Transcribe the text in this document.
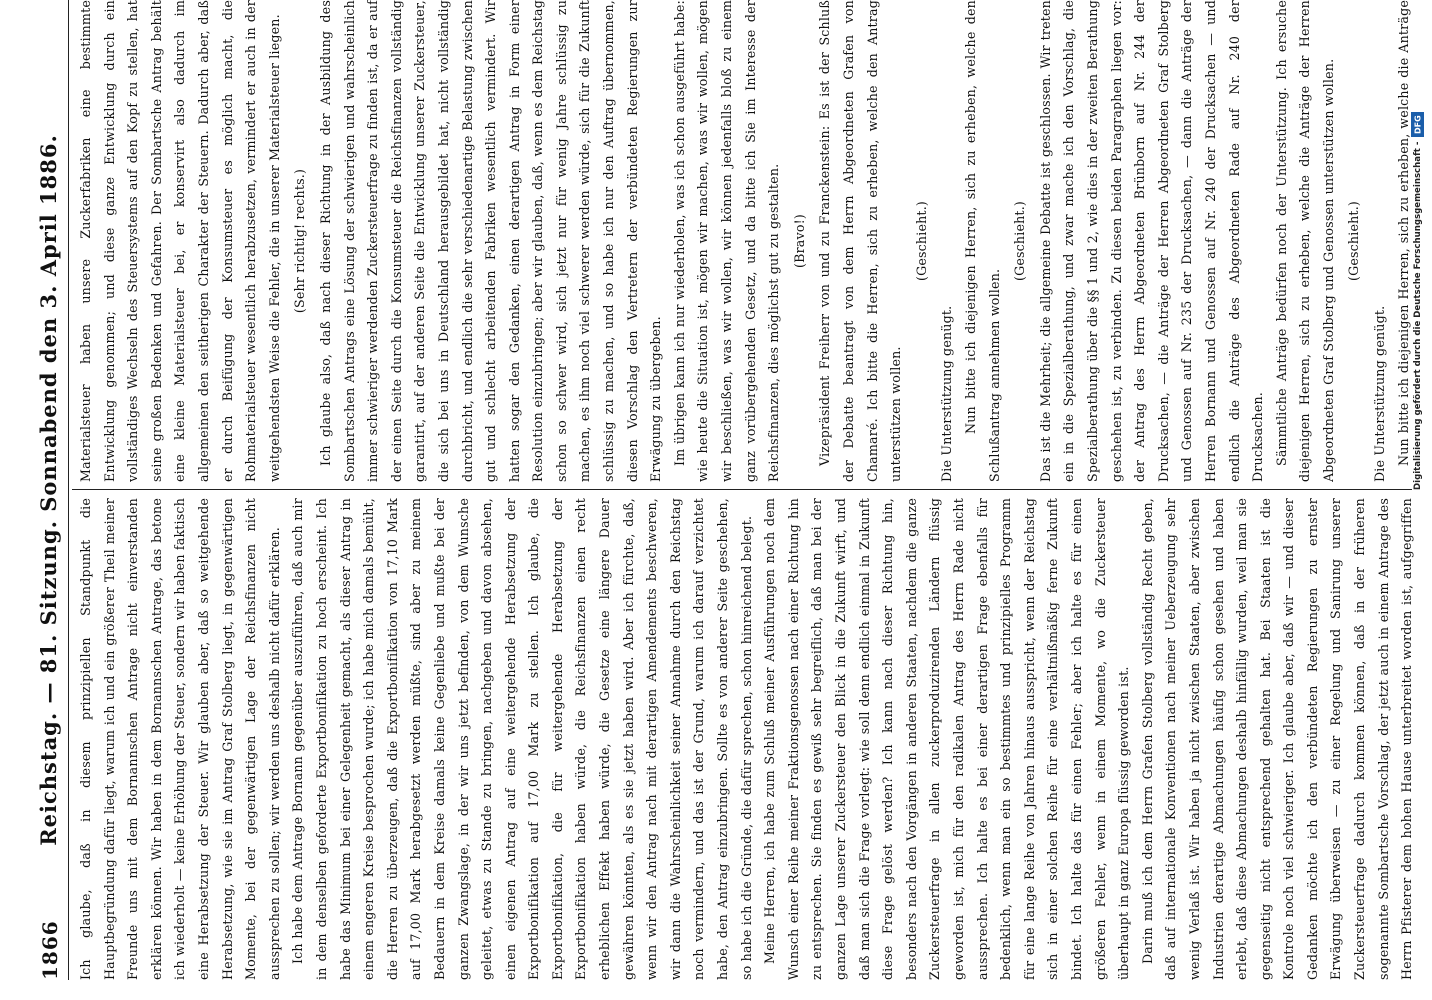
1866
Reichstag. — 81. Sitzung. Sonnabend den 3. April 1886.	Ich glaube, daß in diesem prinzipiellen Standpunkt die Hauptbegründung dafür liegt, warum ich und ein größerer Theil meiner Freunde uns mit dem Bornannschen Antrage nicht einverstanden erklären können. Wir haben in dem Bornannschen Antrage, das betone ich wiederholt — keine Erhöhung der Steuer, sondern wir haben faktisch eine Herabsetzung der Steuer. Wir glauben aber, daß so weitgehende Herabsetzung, wie sie im Antrag Graf Stolberg liegt, in gegenwärtigen Momente, bei der gegenwärtigen Lage der Reichsfinanzen nicht aussprechen zu sollen; wir werden uns deshalb nicht dafür erklären. Ich habe dem Antrage Bornann gegenüber auszuführen, daß auch mir in dem denselben geforderte Exportbonifikation zu hoch erscheint. Ich habe das Minimum bei einer Gelegenheit gemacht, als dieser Antrag in einem engeren Kreise besprochen wurde; ich habe mich damals bemüht, die Herren zu überzeugen, daß die Exportbonifikation von 17,10 Mark auf 17,00 Mark herabgesetzt werden müßte, sind aber zu meinem Bedauern in dem Kreise damals keine Gegenliebe und mußte bei der ganzen Zwangslage, in der wir uns jetzt befinden, von dem Wunsche geleitet, etwas zu Stande zu bringen, nachgeben und davon absehen, einen eigenen Antrag auf eine weitergehende Herabsetzung der Exportbonifikation auf 17,00 Mark zu stellen. Ich glaube, die Exportbonifikation, die für weitergehende Herabsetzung der Exportbonifikation haben würde, die Reichsfinanzen einen recht erheblichen Effekt haben würde, die Gesetze eine längere Dauer gewähren könnten, als es sie jetzt haben wird. Aber ich fürchte, daß, wenn wir den Antrag nach mit derartigen Amendements beschweren, wir dann die Wahrscheinlichkeit seiner Annahme durch den Reichstag noch vermindern, und das ist der Grund, warum ich darauf verzichtet habe, den Antrag einzubringen. Sollte es von anderer Seite geschehen, so habe ich die Gründe, die dafür sprechen, schon hinreichend belegt. Meine Herren, ich habe zum Schluß meiner Ausführungen noch dem Wunsch einer Reihe meiner Fraktionsgenossen nach einer Richtung hin zu entsprechen. Sie finden es gewiß sehr begreiflich, daß man bei der ganzen Lage unserer Zuckersteuer den Blick in die Zukunft wirft, und daß man sich die Frage vorlegt: wie soll denn endlich einmal in Zukunft diese Frage gelöst werden? Ich kann nach dieser Richtung hin, besonders nach den Vorgängen in anderen Staaten, nachdem die ganze Zuckersteuerfrage in allen zuckerproduzirenden Ländern flüssig geworden ist, mich für den radikalen Antrag des Herrn Rade nicht aussprechen. Ich halte es bei einer derartigen Frage ebenfalls für bedenklich, wenn man ein so bestimmtes und prinzipielles Programm für eine lange Reihe von Jahren hinaus ausspricht, wenn der Reichstag sich in einer solchen Reihe für eine verhältnißmäßig ferne Zukunft bindet. Ich halte das für einen Fehler; aber ich halte es für einen größeren Fehler, wenn in einem Momente, wo die Zuckersteuer überhaupt in ganz Europa flüssig geworden ist. Darin muß ich dem Herrn Grafen Stolberg vollständig Recht geben, daß auf internationale Konventionen nach meiner Ueberzeugung sehr wenig Verlaß ist. Wir haben ja nicht zwischen Staaten, aber zwischen Industrien derartige Abmachungen häufig schon gesehen und haben erlebt, daß diese Abmachungen deshalb hinfällig wurden, weil man sie gegenseitig nicht entsprechend gehalten hat. Bei Staaten ist die Kontrole noch viel schwieriger. Ich glaube aber, daß wir — und dieser Gedanken möchte ich den verbündeten Regierungen zu ernster Erwägung überweisen — zu einer Regelung und Sanirung unserer Zuckersteuerfrage dadurch kommen können, daß in der früheren sogenannte Sombartsche Vorschlag, der jetzt auch in einem Antrage des Herrn Pfisterer dem hohen Hause unterbreitet worden ist, aufgegriffen

Materialsteuer haben unsere Zuckerfabriken eine bestimmte Entwicklung genommen; und diese ganze Entwicklung durch ein vollständiges Wechseln des Steuersystems auf den Kopf zu stellen, hat seine großen Bedenken und Gefahren. Der Sombartsche Antrag behält eine kleine Materialsteuer bei, er konservirt also dadurch im allgemeinen den seitherigen Charakter der Steuern. Dadurch aber, daß er durch Beifügung der Konsumsteuer es möglich macht, die Rohmaterialsteuer wesentlich herabzusetzen, vermindert er auch in der weitgehendsten Weise die Fehler, die in unserer Materialsteuer liegen. (Sehr richtig! rechts.) Ich glaube also, daß nach dieser Richtung in der Ausbildung des Sombartschen Antrags eine Lösung der schwierigen und wahrscheinlich immer schwieriger werdenden Zuckersteuerfrage zu finden ist, da er auf der einen Seite durch die Konsumsteuer die Reichsfinanzen vollständig garantirt, auf der anderen Seite die Entwicklung unserer Zuckersteuer, die sich bei uns in Deutschland herausgebildet hat, nicht vollständig durchbricht, und endlich die sehr verschiedenartige Belastung zwischen gut und schlecht arbeitenden Fabriken wesentlich vermindert. Wir hatten sogar den Gedanken, einen derartigen Antrag in Form einer Resolution einzubringen; aber wir glauben, daß, wenn es dem Reichstag schon so schwer wird, sich jetzt nur für wenig Jahre schlüssig zu machen, es ihm noch viel schwerer werden würde, sich für die Zukunft schlüssig zu machen, und so habe ich nur den Auftrag übernommen, diesen Vorschlag den Vertretern der verbündeten Regierungen zur Erwägung zu übergeben. Im übrigen kann ich nur wiederholen, was ich schon ausgeführt habe: wie heute die Situation ist, mögen wir machen, was wir wollen, mögen wir beschließen, was wir wollen, wir können jedenfalls bloß zu einem ganz vorübergehenden Gesetz, und da bitte ich Sie im Interesse der Reichsfinanzen, dies möglichst gut zu gestalten. (Bravo!) Vizepräsident Freiherr von und zu Franckenstein: Es ist der Schluß der Debatte beantragt von dem Herrn Abgeordneten Grafen von Chamaré. Ich bitte die Herren, sich zu erheben, welche den Antrag unterstützen wollen.

(Geschieht.)

Die Unterstützung genügt. Nun bitte ich diejenigen Herren, sich zu erheben, welche den Schlußantrag annehmen wollen.

(Geschieht.) Das ist die Mehrheit; die allgemeine Debatte ist geschlossen. Wir treten ein in die Spezialberathung, und zwar mache ich den Vorschlag, die Spezialberathung über die §§ 1 und 2, wie dies in der zweiten Berathung geschehen ist, zu verbinden. Zu diesen beiden Paragraphen liegen vor: der Antrag des Herrn Abgeordneten Brünborn auf Nr. 244 der Drucksachen, — die Anträge der Herren Abgeordneten Graf Stolberg und Genossen auf Nr. 235 der Drucksachen, — dann die Anträge der Herren Bornann und Genossen auf Nr. 240 der Drucksachen — und endlich die Anträge des Abgeordneten Rade auf Nr. 240 der Drucksachen. Sämmtliche Anträge bedürfen noch der Unterstützung. Ich ersuche diejenigen Herren, sich zu erheben, welche die Anträge der Herren Abgeordneten Graf Stolberg und Genossen unterstützen wollen. (Geschieht.)

Die Unterstützung genügt. Nun bitte ich diejenigen Herren, sich zu erheben, welche die Anträge

Digitalisierung gefördert durch die Deutsche Forschungsgemeinschaft -
DFG
